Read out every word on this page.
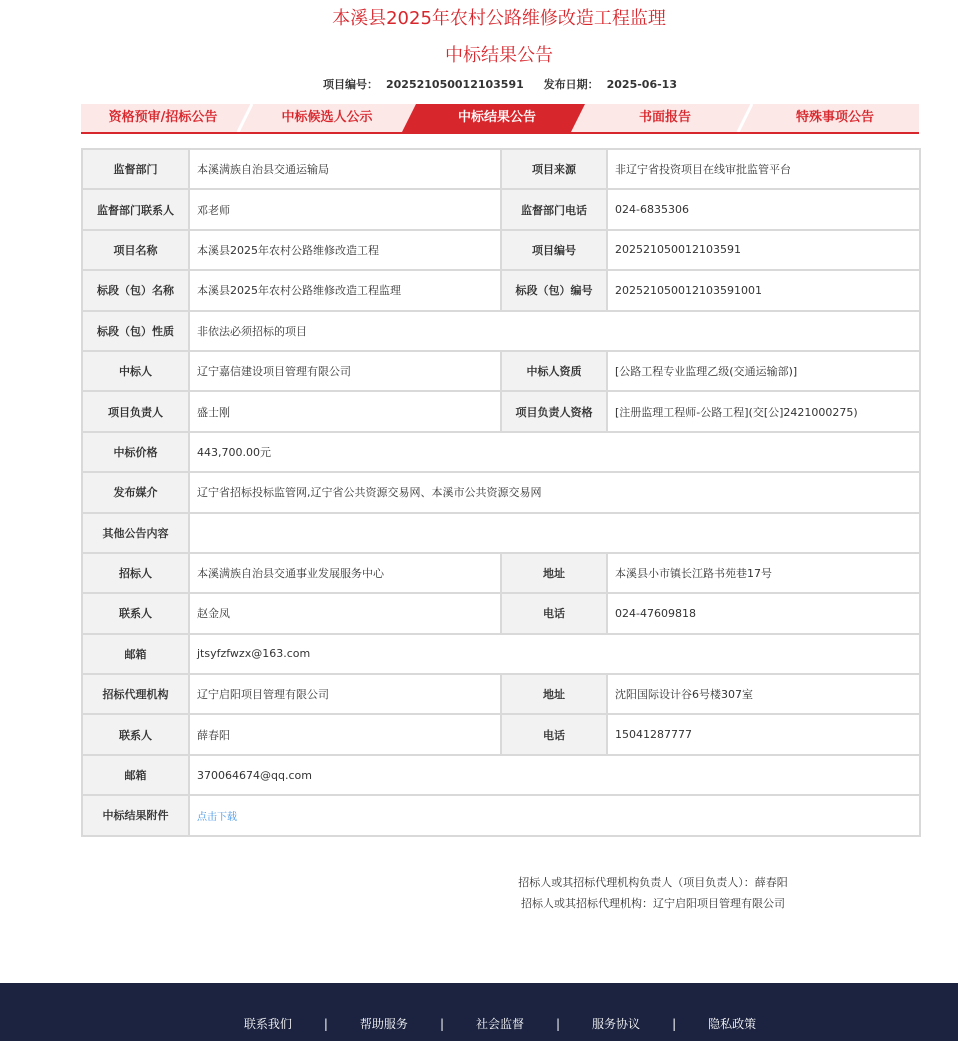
本溪县2025年农村公路维修改造工程监理
中标结果公告
项目编号： 202521050012103591 发布日期： 2025-06-13
资格预审/招标公告	中标候选人公示	中标结果公告	书面报告	特殊事项公告
监督部门	本溪满族自治县交通运输局	项目来源	非辽宁省投资项目在线审批监管平台
监督部门联系人	邓老师	监督部门电话	024-6835306
项目名称	本溪县2025年农村公路维修改造工程	项目编号	202521050012103591
标段（包）名称	本溪县2025年农村公路维修改造工程监理	标段（包）编号	202521050012103591001
标段（包）性质	非依法必须招标的项目		
中标人	辽宁嘉信建设项目管理有限公司	中标人资质	[公路工程专业监理乙级(交通运输部)]
项目负责人	盛士刚	项目负责人资格	[注册监理工程师-公路工程](交[公]2421000275)
中标价格	443,700.00元		
发布媒介	辽宁省招标投标监管网,辽宁省公共资源交易网、本溪市公共资源交易网		
其他公告内容			
招标人	本溪满族自治县交通事业发展服务中心	地址	本溪县小市镇长江路书苑巷17号
联系人	赵金凤	电话	024-47609818
邮箱	jtsyfzfwzx@163.com		
招标代理机构	辽宁启阳项目管理有限公司	地址	沈阳国际设计谷6号楼307室
联系人	薛春阳	电话	15041287777
邮箱	370064674@qq.com		
中标结果附件	点击下载		
招标人或其招标代理机构负责人（项目负责人）：薛春阳
招标人或其招标代理机构：辽宁启阳项目管理有限公司
联系我们	|	帮助服务	|	社会监督	|	服务协议	|	隐私政策
